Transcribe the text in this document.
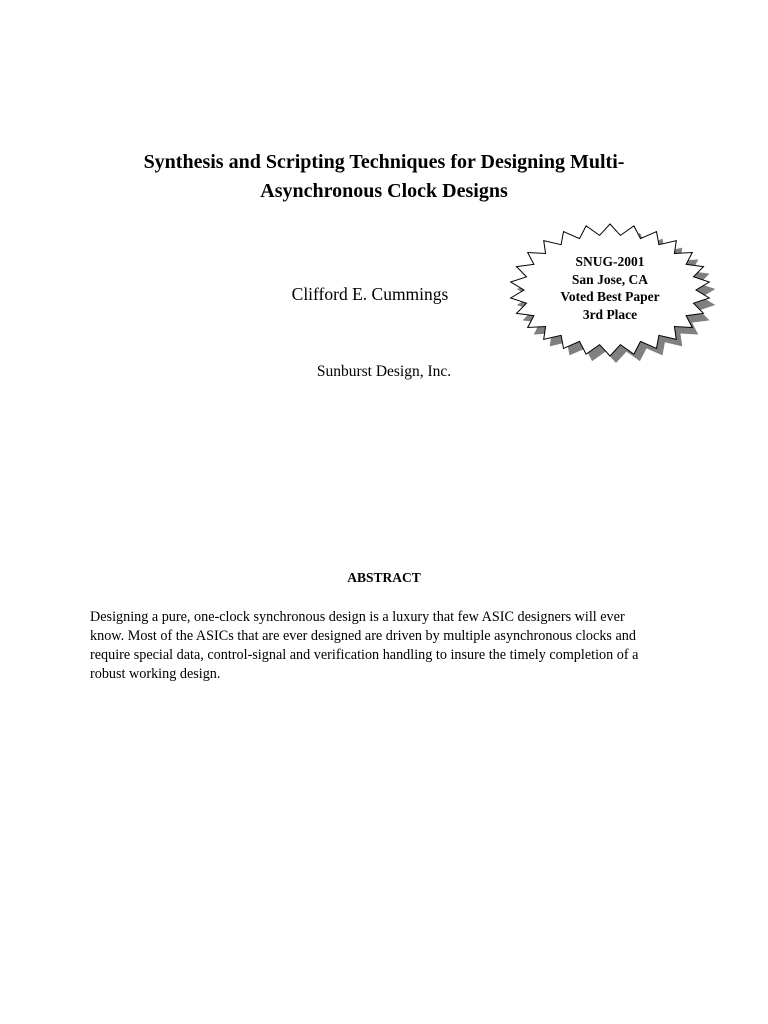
Synthesis and Scripting Techniques for Designing Multi-
Asynchronous Clock Designs

Clifford E. Cummings

Sunburst Design, Inc.

SNUG-2001
San Jose, CA
Voted Best Paper
3rd Place
ABSTRACT

Designing a pure, one-clock synchronous design is a luxury that few ASIC designers will ever
know. Most of the ASICs that are ever designed are driven by multiple asynchronous clocks and
require special data, control-signal and verification handling to insure the timely completion of a
robust working design.
